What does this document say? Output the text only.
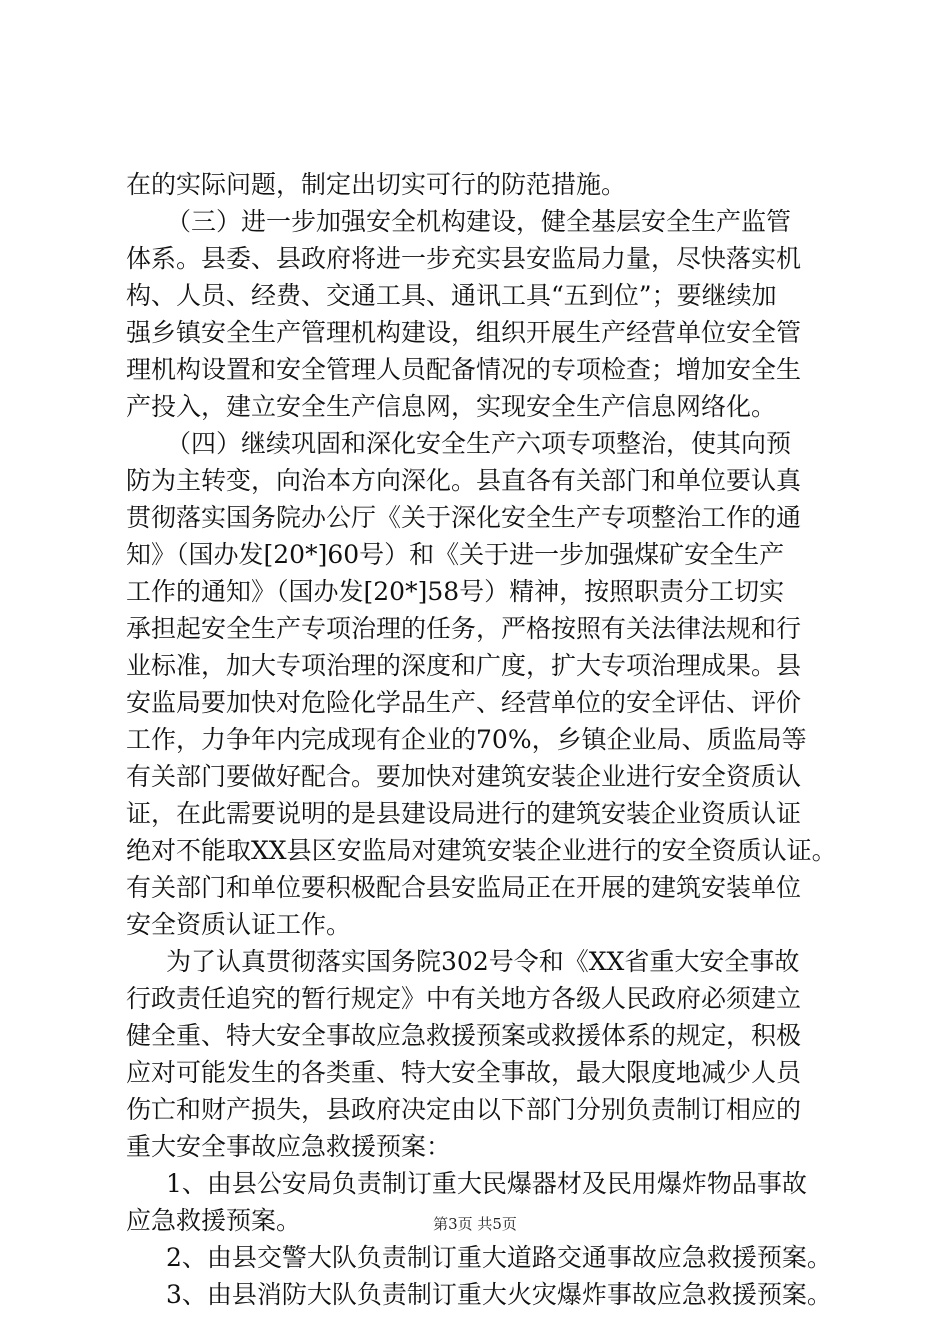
在的实际问题，制定出切实可行的防范措施。
（三）进一步加强安全机构建设，健全基层安全生产监管
体系。县委、县政府将进一步充实县安监局力量，尽快落实机
构、人员、经费、交通工具、通讯工具“五到位”；要继续加
强乡镇安全生产管理机构建设，组织开展生产经营单位安全管
理机构设置和安全管理人员配备情况的专项检查；增加安全生
产投入，建立安全生产信息网，实现安全生产信息网络化。
（四）继续巩固和深化安全生产六项专项整治，使其向预
防为主转变，向治本方向深化。县直各有关部门和单位要认真
贯彻落实国务院办公厅《关于深化安全生产专项整治工作的通
知》（国办发[20*]60号）和《关于进一步加强煤矿安全生产
工作的通知》（国办发[20*]58号）精神，按照职责分工切实
承担起安全生产专项治理的任务，严格按照有关法律法规和行
业标准，加大专项治理的深度和广度，扩大专项治理成果。县
安监局要加快对危险化学品生产、经营单位的安全评估、评价
工作，力争年内完成现有企业的70%，乡镇企业局、质监局等
有关部门要做好配合。要加快对建筑安装企业进行安全资质认
证，在此需要说明的是县建设局进行的建筑安装企业资质认证
绝对不能取XX县区安监局对建筑安装企业进行的安全资质认证。
有关部门和单位要积极配合县安监局正在开展的建筑安装单位
安全资质认证工作。
为了认真贯彻落实国务院302号令和《XX省重大安全事故
行政责任追究的暂行规定》中有关地方各级人民政府必须建立
健全重、特大安全事故应急救援预案或救援体系的规定，积极
应对可能发生的各类重、特大安全事故，最大限度地减少人员
伤亡和财产损失，县政府决定由以下部门分别负责制订相应的
重大安全事故应急救援预案：
1、由县公安局负责制订重大民爆器材及民用爆炸物品事故
应急救援预案。
2、由县交警大队负责制订重大道路交通事故应急救援预案。
3、由县消防大队负责制订重大火灾爆炸事故应急救援预案。
第3页 共5页
